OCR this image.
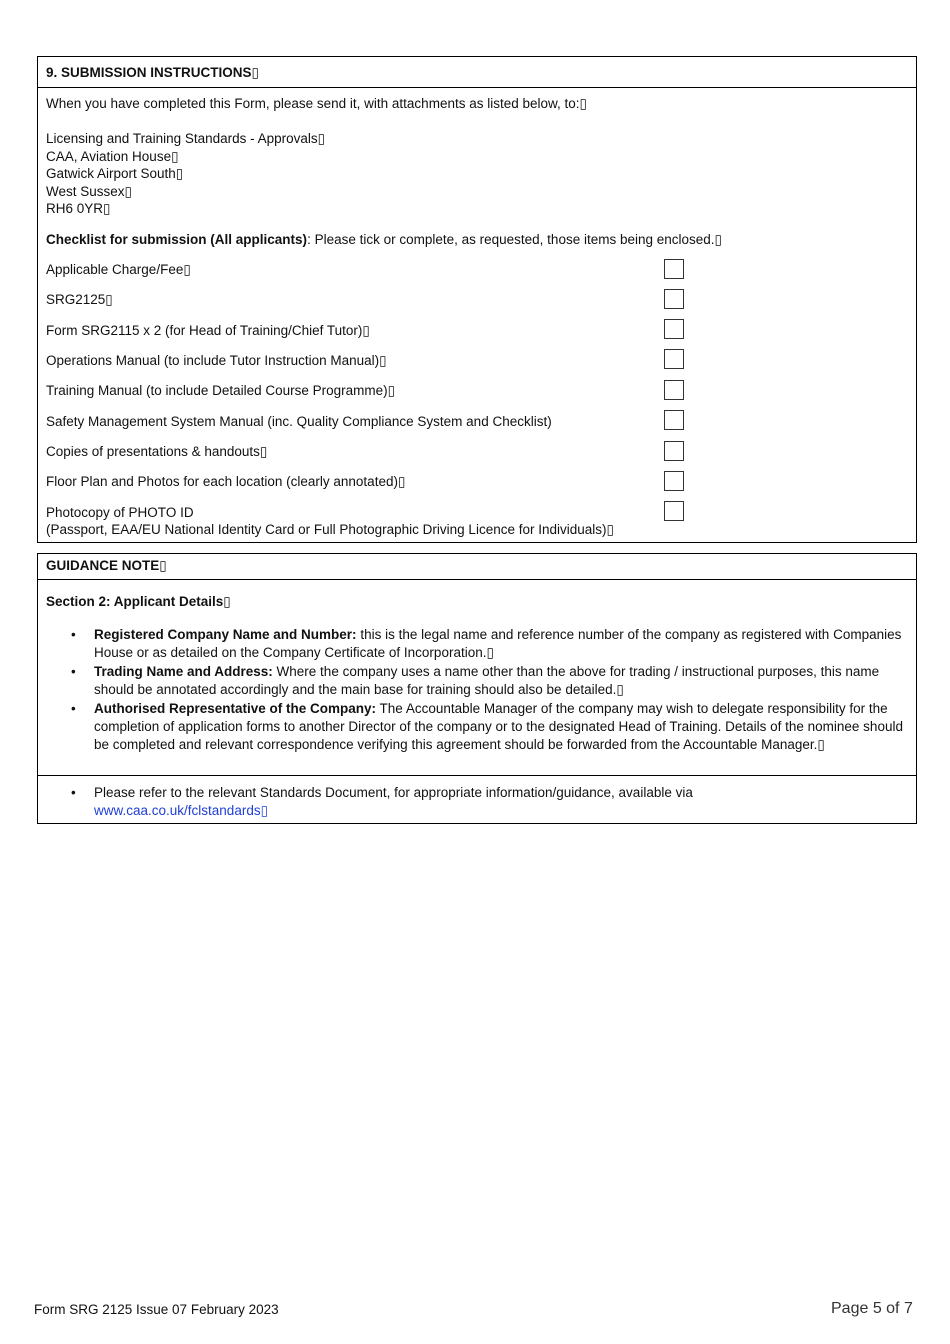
9. SUBMISSION INSTRUCTIONS▯
When you have completed this Form, please send it, with attachments as listed below, to:▯
Licensing and Training Standards - Approvals▯
CAA, Aviation House▯
Gatwick Airport South▯
West Sussex▯
RH6 0YR▯
Checklist for submission (All applicants): Please tick or complete, as requested, those items being enclosed.▯
Applicable Charge/Fee▯
SRG2125▯
Form SRG2115 x 2 (for Head of Training/Chief Tutor)▯
Operations Manual (to include Tutor Instruction Manual)▯
Training Manual (to include Detailed Course Programme)▯
Safety Management System Manual (inc. Quality Compliance System and Checklist)
Copies of presentations & handouts▯
Floor Plan and Photos for each location (clearly annotated)▯
Photocopy of PHOTO ID
(Passport, EAA/EU National Identity Card or Full Photographic Driving Licence for Individuals)▯
GUIDANCE NOTE▯
Section 2: Applicant Details▯
• Registered Company Name and Number: this is the legal name and reference number of the company as registered with Companies House or as detailed on the Company Certificate of Incorporation.▯
• Trading Name and Address: Where the company uses a name other than the above for trading / instructional purposes, this name should be annotated accordingly and the main base for training should also be detailed.▯
• Authorised Representative of the Company: The Accountable Manager of the company may wish to delegate responsibility for the completion of application forms to another Director of the company or to the designated Head of Training. Details of the nominee should be completed and relevant correspondence verifying this agreement should be forwarded from the Accountable Manager.▯
• Please refer to the relevant Standards Document, for appropriate information/guidance, available via
www.caa.co.uk/fclstandards▯
Form SRG 2125 Issue 07 February 2023	Page 5 of 7
